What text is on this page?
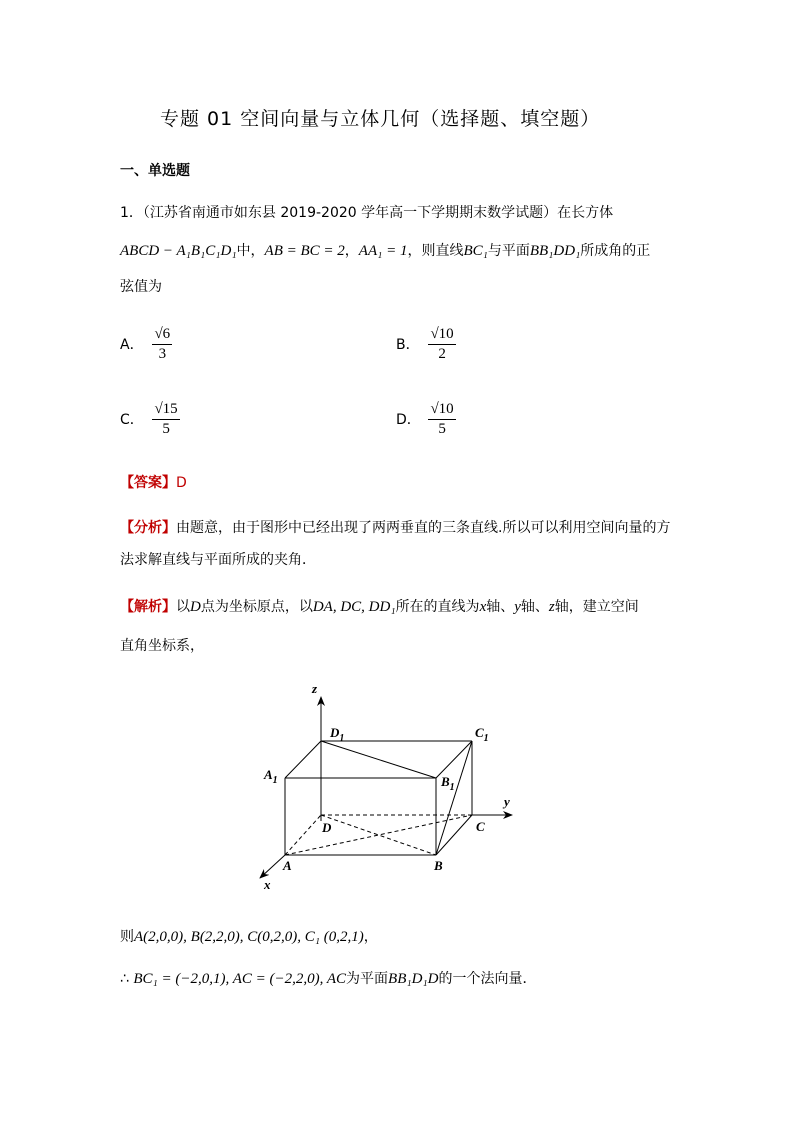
专题 01 空间向量与立体几何（选择题、填空题）
一、单选题
1．（江苏省南通市如东县 2019-2020 学年高一下学期期末数学试题）在长方体
ABCD − A₁B₁C₁D₁中，AB = BC = 2，AA₁ = 1，则直线BC₁与平面BB₁DD₁所成角的正
弦值为
A． $\frac{√6}{3}$	B． $\frac{√10}{2}$
C． $\frac{√15}{5}$	D． $\frac{√10}{5}$
【答案】D
【分析】由题意，由于图形中已经出现了两两垂直的三条直线.所以可以利用空间向量的方
法求解直线与平面所成的夹角．
【解析】以D点为坐标原点，以DA, DC, DD₁所在的直线为x轴、y轴、z轴，建立空间
直角坐标系，
z
y
x
$D_1$	$C_1$
$A_1$	$B_1$
D	C
A	B
则A(2,0,0), B(2,2,0), C(0,2,0), C₁ (0,2,1)，
∴ BC₁ = (−2,0,1), AC = (−2,2,0), AC为平面BB₁D₁D的一个法向量．
